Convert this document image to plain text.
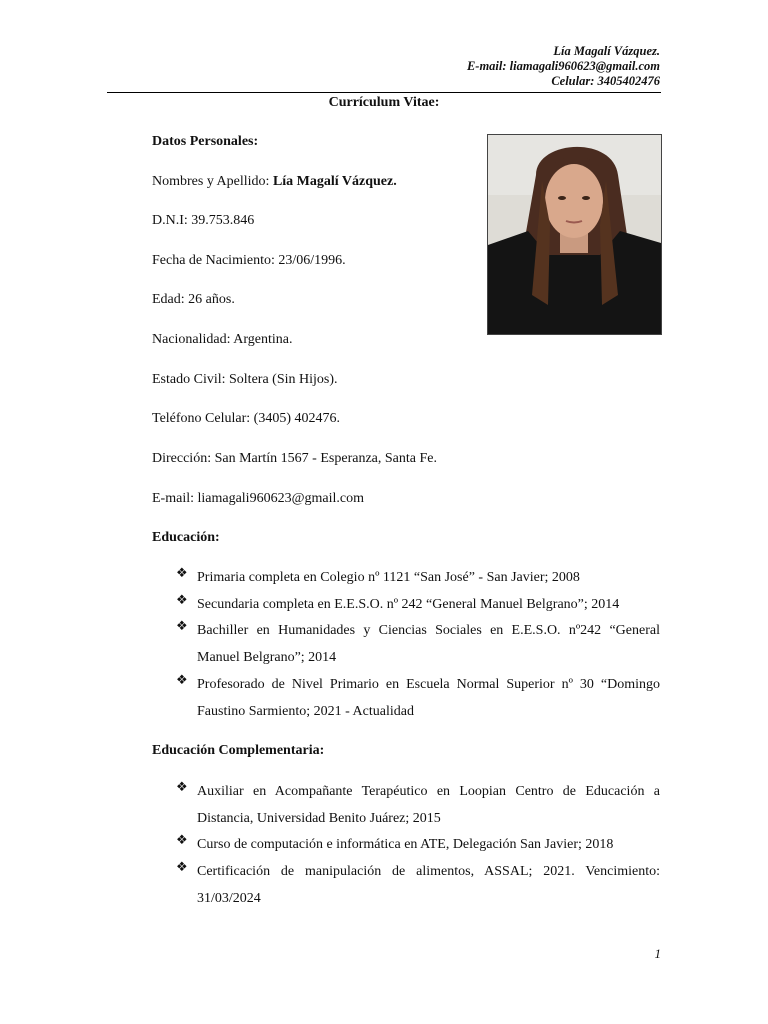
Lía Magalí Vázquez.
E-mail: liamagali960623@gmail.com
Celular: 3405402476
Currículum Vitae:
Datos Personales:
Nombres y Apellido: Lía Magalí Vázquez.
D.N.I: 39.753.846
Fecha de Nacimiento: 23/06/1996.
Edad: 26 años.
Nacionalidad: Argentina.
Estado Civil: Soltera (Sin Hijos).
Teléfono Celular: (3405) 402476.
Dirección: San Martín 1567 - Esperanza, Santa Fe.
E-mail: liamagali960623@gmail.com
Educación:
❖ Primaria completa en Colegio nº 1121 “San José” - San Javier; 2008
❖ Secundaria completa en E.E.S.O. nº 242 “General Manuel Belgrano”; 2014
❖ Bachiller en Humanidades y Ciencias Sociales en E.E.S.O. nº242 “General Manuel Belgrano”; 2014
❖ Profesorado de Nivel Primario en Escuela Normal Superior nº 30 “Domingo Faustino Sarmiento; 2021 - Actualidad
Educación Complementaria:
❖ Auxiliar en Acompañante Terapéutico en Loopian Centro de Educación a Distancia, Universidad Benito Juárez; 2015
❖ Curso de computación e informática en ATE, Delegación San Javier; 2018
❖ Certificación de manipulación de alimentos, ASSAL; 2021. Vencimiento: 31/03/2024
1
